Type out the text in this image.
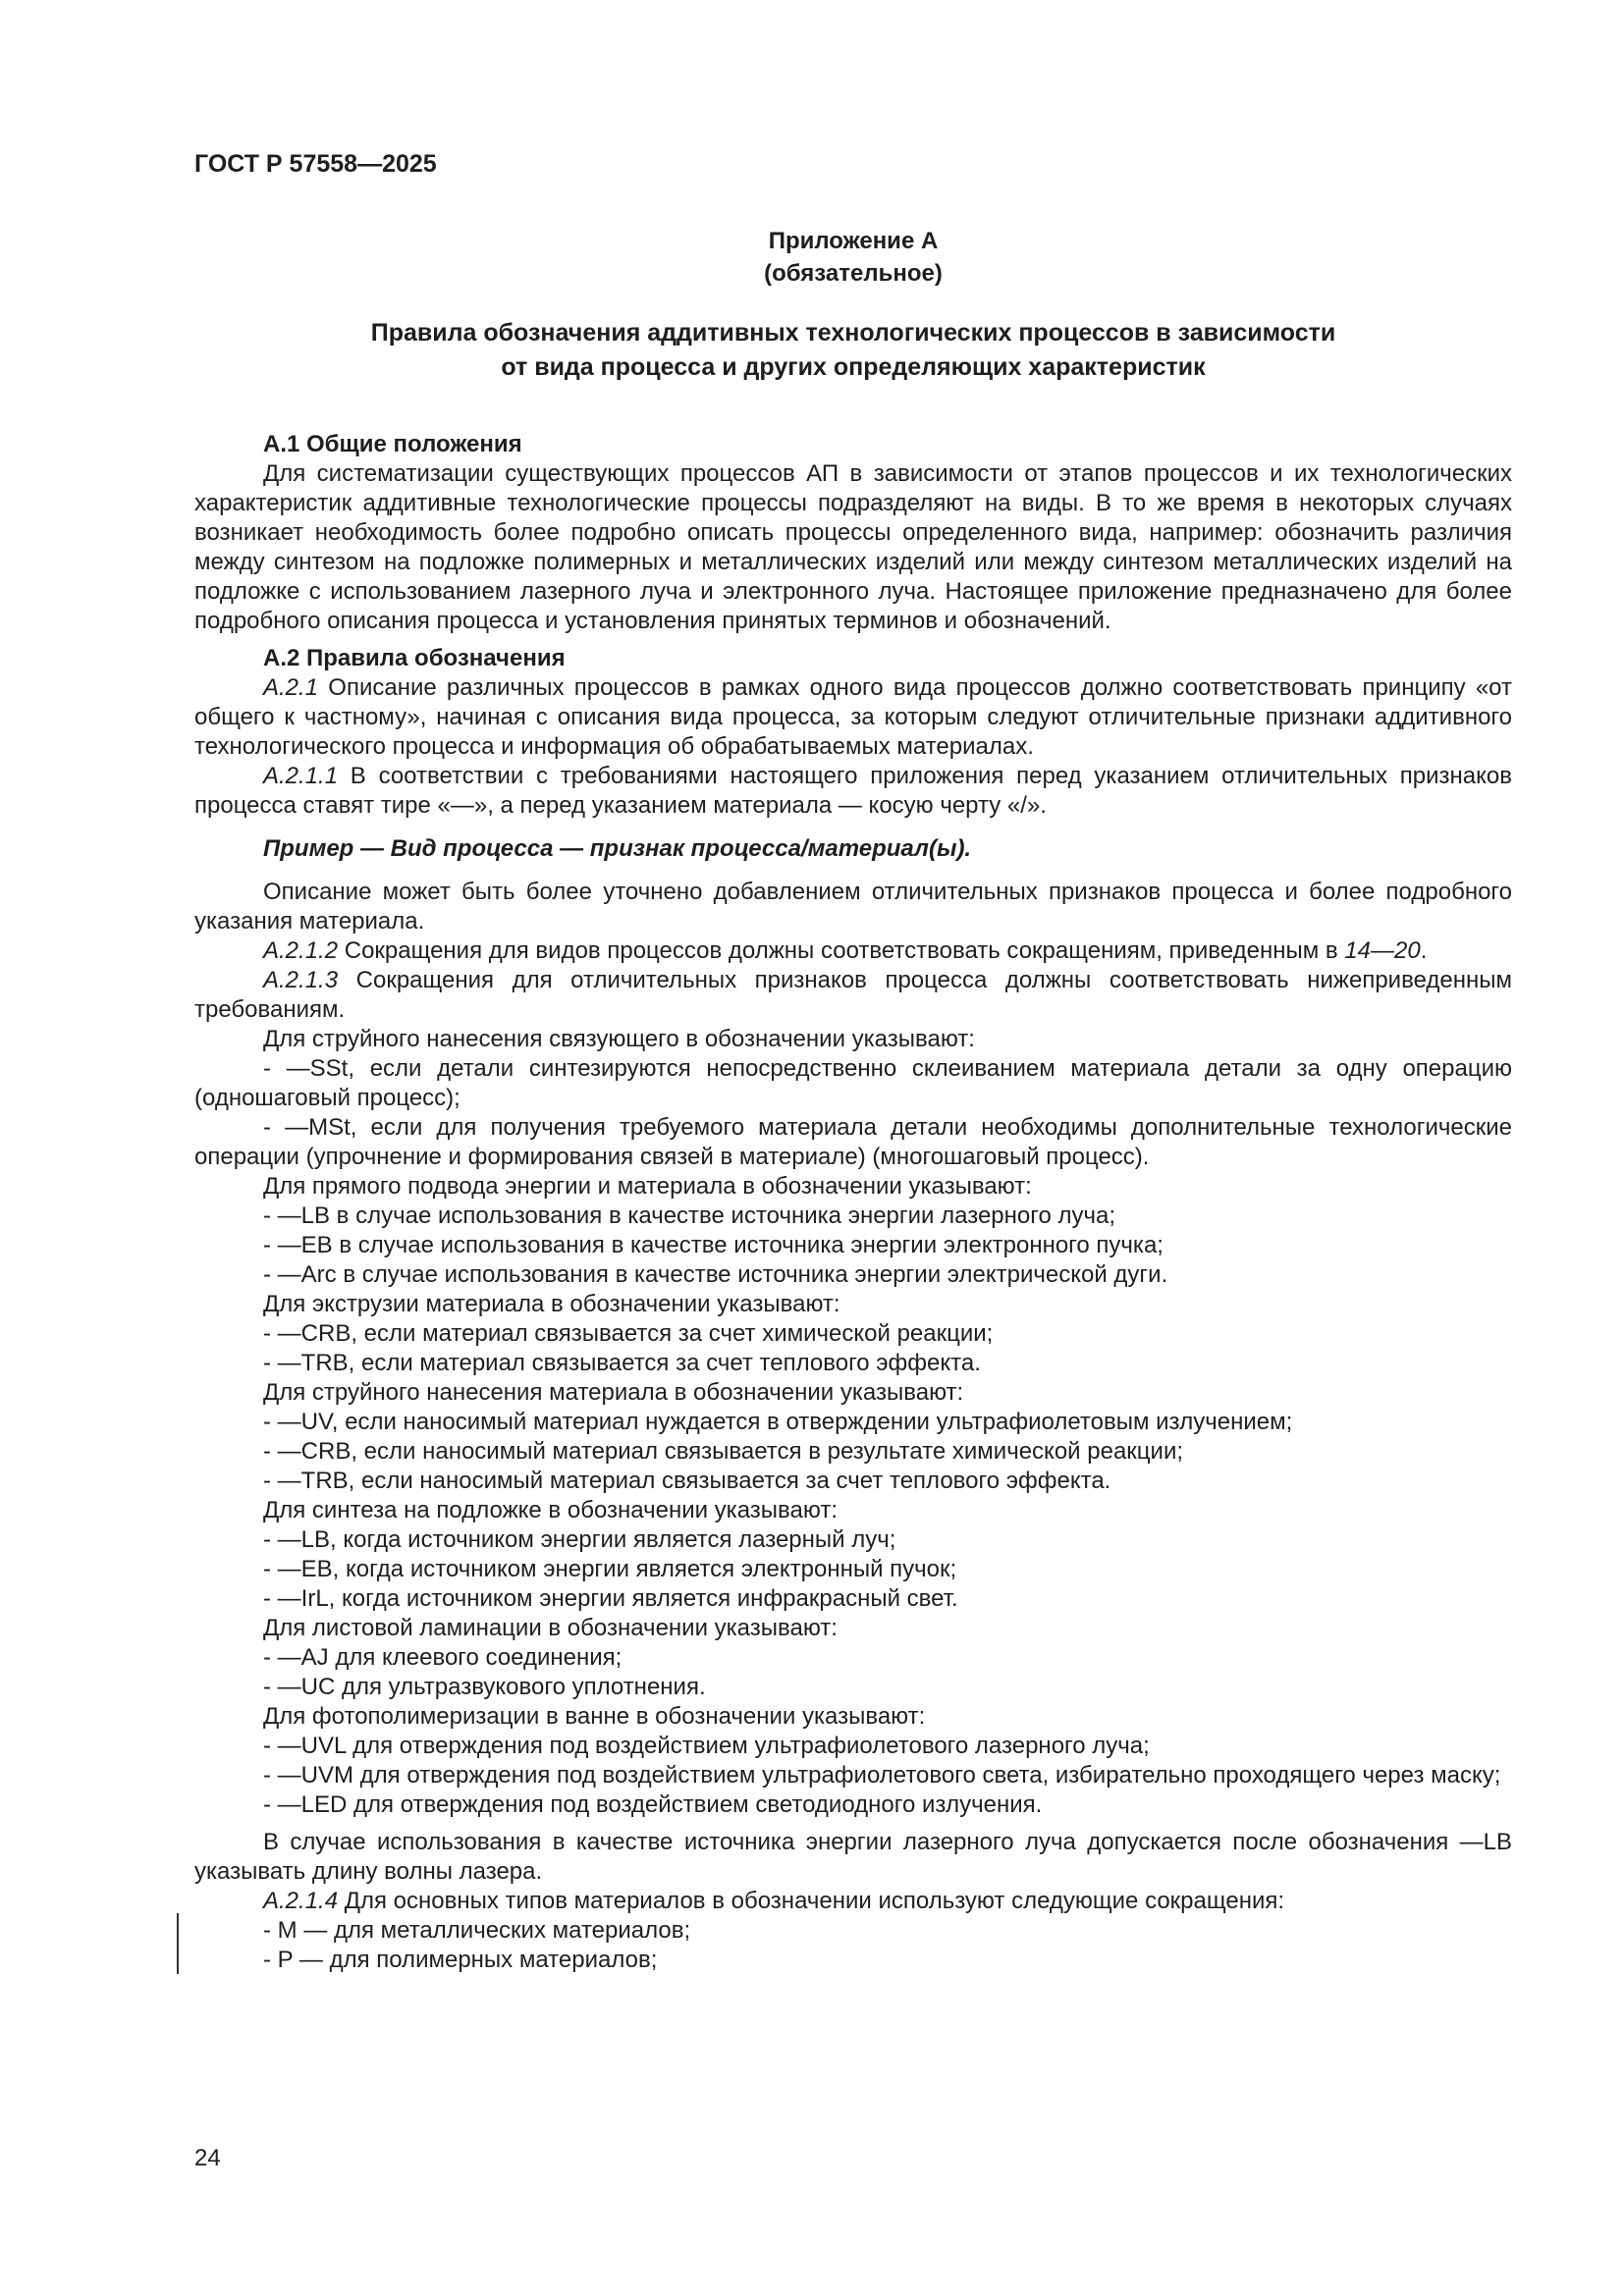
ГОСТ Р 57558—2025
Приложение А
(обязательное)
Правила обозначения аддитивных технологических процессов в зависимости
от вида процесса и других определяющих характеристик

А.1 Общие положения

Для систематизации существующих процессов АП в зависимости от этапов процессов и их технологических характеристик аддитивные технологические процессы подразделяют на виды. В то же время в некоторых случаях возникает необходимость более подробно описать процессы определенного вида, например: обозначить различия между синтезом на подложке полимерных и металлических изделий или между синтезом металлических изделий на подложке с использованием лазерного луча и электронного луча. Настоящее приложение предназначено для более подробного описания процесса и установления принятых терминов и обозначений.

А.2 Правила обозначения

А.2.1 Описание различных процессов в рамках одного вида процессов должно соответствовать принципу «от общего к частному», начиная с описания вида процесса, за которым следуют отличительные признаки аддитивного технологического процесса и информация об обрабатываемых материалах.

А.2.1.1 В соответствии с требованиями настоящего приложения перед указанием отличительных признаков процесса ставят тире «—», а перед указанием материала — косую черту «/».

Пример — Вид процесса — признак процесса/материал(ы).

Описание может быть более уточнено добавлением отличительных признаков процесса и более подробного указания материала.

А.2.1.2 Сокращения для видов процессов должны соответствовать сокращениям, приведенным в 14—20.

А.2.1.3 Сокращения для отличительных признаков процесса должны соответствовать нижеприведенным требованиям.

Для струйного нанесения связующего в обозначении указывают:

- —SSt, если детали синтезируются непосредственно склеиванием материала детали за одну операцию (одношаговый процесс);

- —MSt, если для получения требуемого материала детали необходимы дополнительные технологические операции (упрочнение и формирования связей в материале) (многошаговый процесс).

Для прямого подвода энергии и материала в обозначении указывают:

- —LB в случае использования в качестве источника энергии лазерного луча;

- —EB в случае использования в качестве источника энергии электронного пучка;

- —Arc в случае использования в качестве источника энергии электрической дуги.

Для экструзии материала в обозначении указывают:

- —CRB, если материал связывается за счет химической реакции;

- —TRB, если материал связывается за счет теплового эффекта.

Для струйного нанесения материала в обозначении указывают:

- —UV, если наносимый материал нуждается в отверждении ультрафиолетовым излучением;

- —CRB, если наносимый материал связывается в результате химической реакции;

- —TRB, если наносимый материал связывается за счет теплового эффекта.

Для синтеза на подложке в обозначении указывают:

- —LB, когда источником энергии является лазерный луч;

- —EB, когда источником энергии является электронный пучок;

- —IrL, когда источником энергии является инфракрасный свет.

Для листовой ламинации в обозначении указывают:

- —AJ для клеевого соединения;

- —UC для ультразвукового уплотнения.

Для фотополимеризации в ванне в обозначении указывают:

- —UVL для отверждения под воздействием ультрафиолетового лазерного луча;

- —UVM для отверждения под воздействием ультрафиолетового света, избирательно проходящего через маску;

- —LED для отверждения под воздействием светодиодного излучения.

В случае использования в качестве источника энергии лазерного луча допускается после обозначения —LB указывать длину волны лазера.

А.2.1.4 Для основных типов материалов в обозначении используют следующие сокращения:

- M — для металлических материалов;

- P — для полимерных материалов;

24
